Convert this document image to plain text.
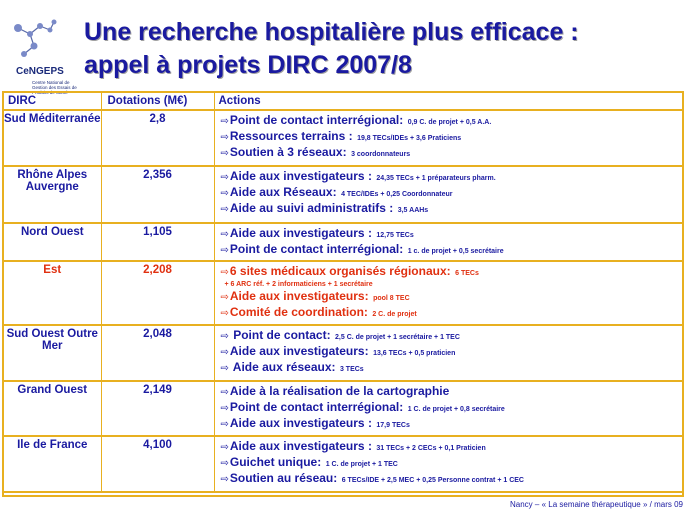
CeNGEPS
Centre National de Gestion des Essais de Produits de Santé
Une recherche hospitalière plus efficace :
appel à projets DIRC 2007/8
DIRC	Dotations (M€)	Actions

Sud Méditerranée	2,8	⇨Point de contact interrégional: 0,9 C. de projet + 0,5 A.A.
⇨Ressources terrains : 19,8 TECs/IDEs + 3,6 Praticiens
⇨Soutien à 3 réseaux: 3 coordonnateurs

Rhône Alpes Auvergne	2,356	⇨Aide aux investigateurs : 24,35 TECs + 1 préparateurs pharm.
⇨Aide aux Réseaux: 4 TEC/IDEs + 0,25 Coordonnateur
⇨Aide au suivi administratifs : 3,5 AAHs

Nord Ouest	1,105	⇨Aide aux investigateurs : 12,75 TECs
⇨Point de contact interrégional: 1 c. de projet + 0,5 secrétaire

Est	2,208	⇨6 sites médicaux organisés régionaux: 6 TECs
+ 6 ARC réf. + 2 informaticiens + 1 secrétaire
⇨Aide aux investigateurs: pool 8 TEC
⇨Comité de coordination: 2 C. de projet

Sud Ouest Outre Mer	2,048	⇨ Point de contact: 2,5 C. de projet + 1 secrétaire + 1 TEC
⇨Aide aux investigateurs: 13,6 TECs + 0,5 praticien
⇨ Aide aux réseaux: 3 TECs

Grand Ouest	2,149	⇨Aide à la réalisation de la cartographie
⇨Point de contact interrégional: 1 C. de projet + 0,8 secrétaire
⇨Aide aux investigateurs : 17,9 TECs

Ile de France	4,100	⇨Aide aux investigateurs : 31 TECs + 2 CECs + 0,1 Praticien
⇨Guichet unique: 1 C. de projet + 1 TEC
⇨Soutien au réseau: 6 TECs/IDE + 2,5 MEC + 0,25 Personne contrat + 1 CEC
Nancy – « La semaine thérapeutique » / mars 09
